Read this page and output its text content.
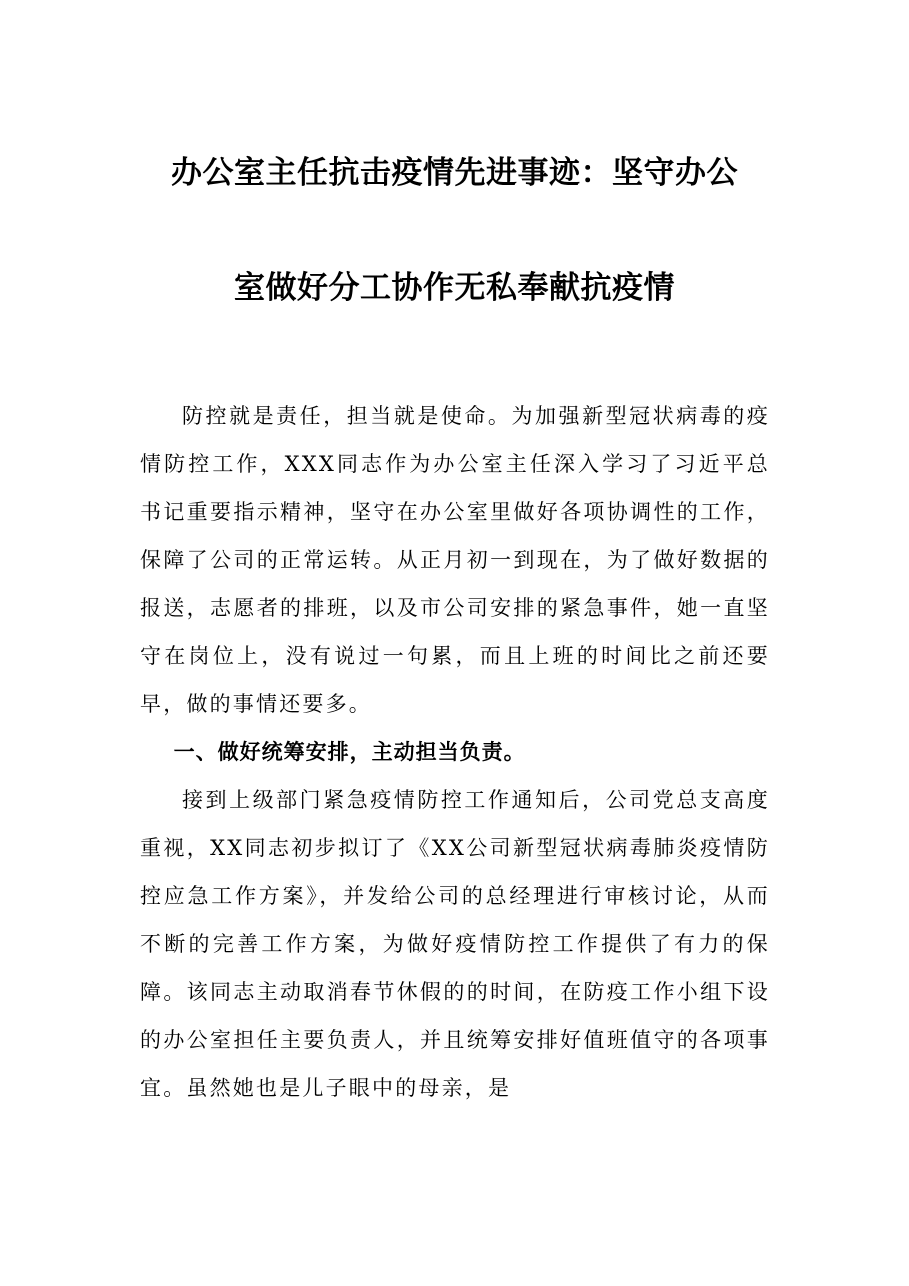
办公室主任抗击疫情先进事迹：坚守办公
室做好分工协作无私奉献抗疫情

防控就是责任，担当就是使命。为加强新型冠状病毒的疫情防控工作，XXX同志作为办公室主任深入学习了习近平总书记重要指示精神，坚守在办公室里做好各项协调性的工作，保障了公司的正常运转。从正月初一到现在，为了做好数据的报送，志愿者的排班，以及市公司安排的紧急事件，她一直坚守在岗位上，没有说过一句累，而且上班的时间比之前还要早，做的事情还要多。

一、做好统筹安排，主动担当负责。

接到上级部门紧急疫情防控工作通知后，公司党总支高度重视，XX同志初步拟订了《XX公司新型冠状病毒肺炎疫情防控应急工作方案》，并发给公司的总经理进行审核讨论，从而不断的完善工作方案，为做好疫情防控工作提供了有力的保障。该同志主动取消春节休假的的时间，在防疫工作小组下设的办公室担任主要负责人，并且统筹安排好值班值守的各项事宜。虽然她也是儿子眼中的母亲，是
